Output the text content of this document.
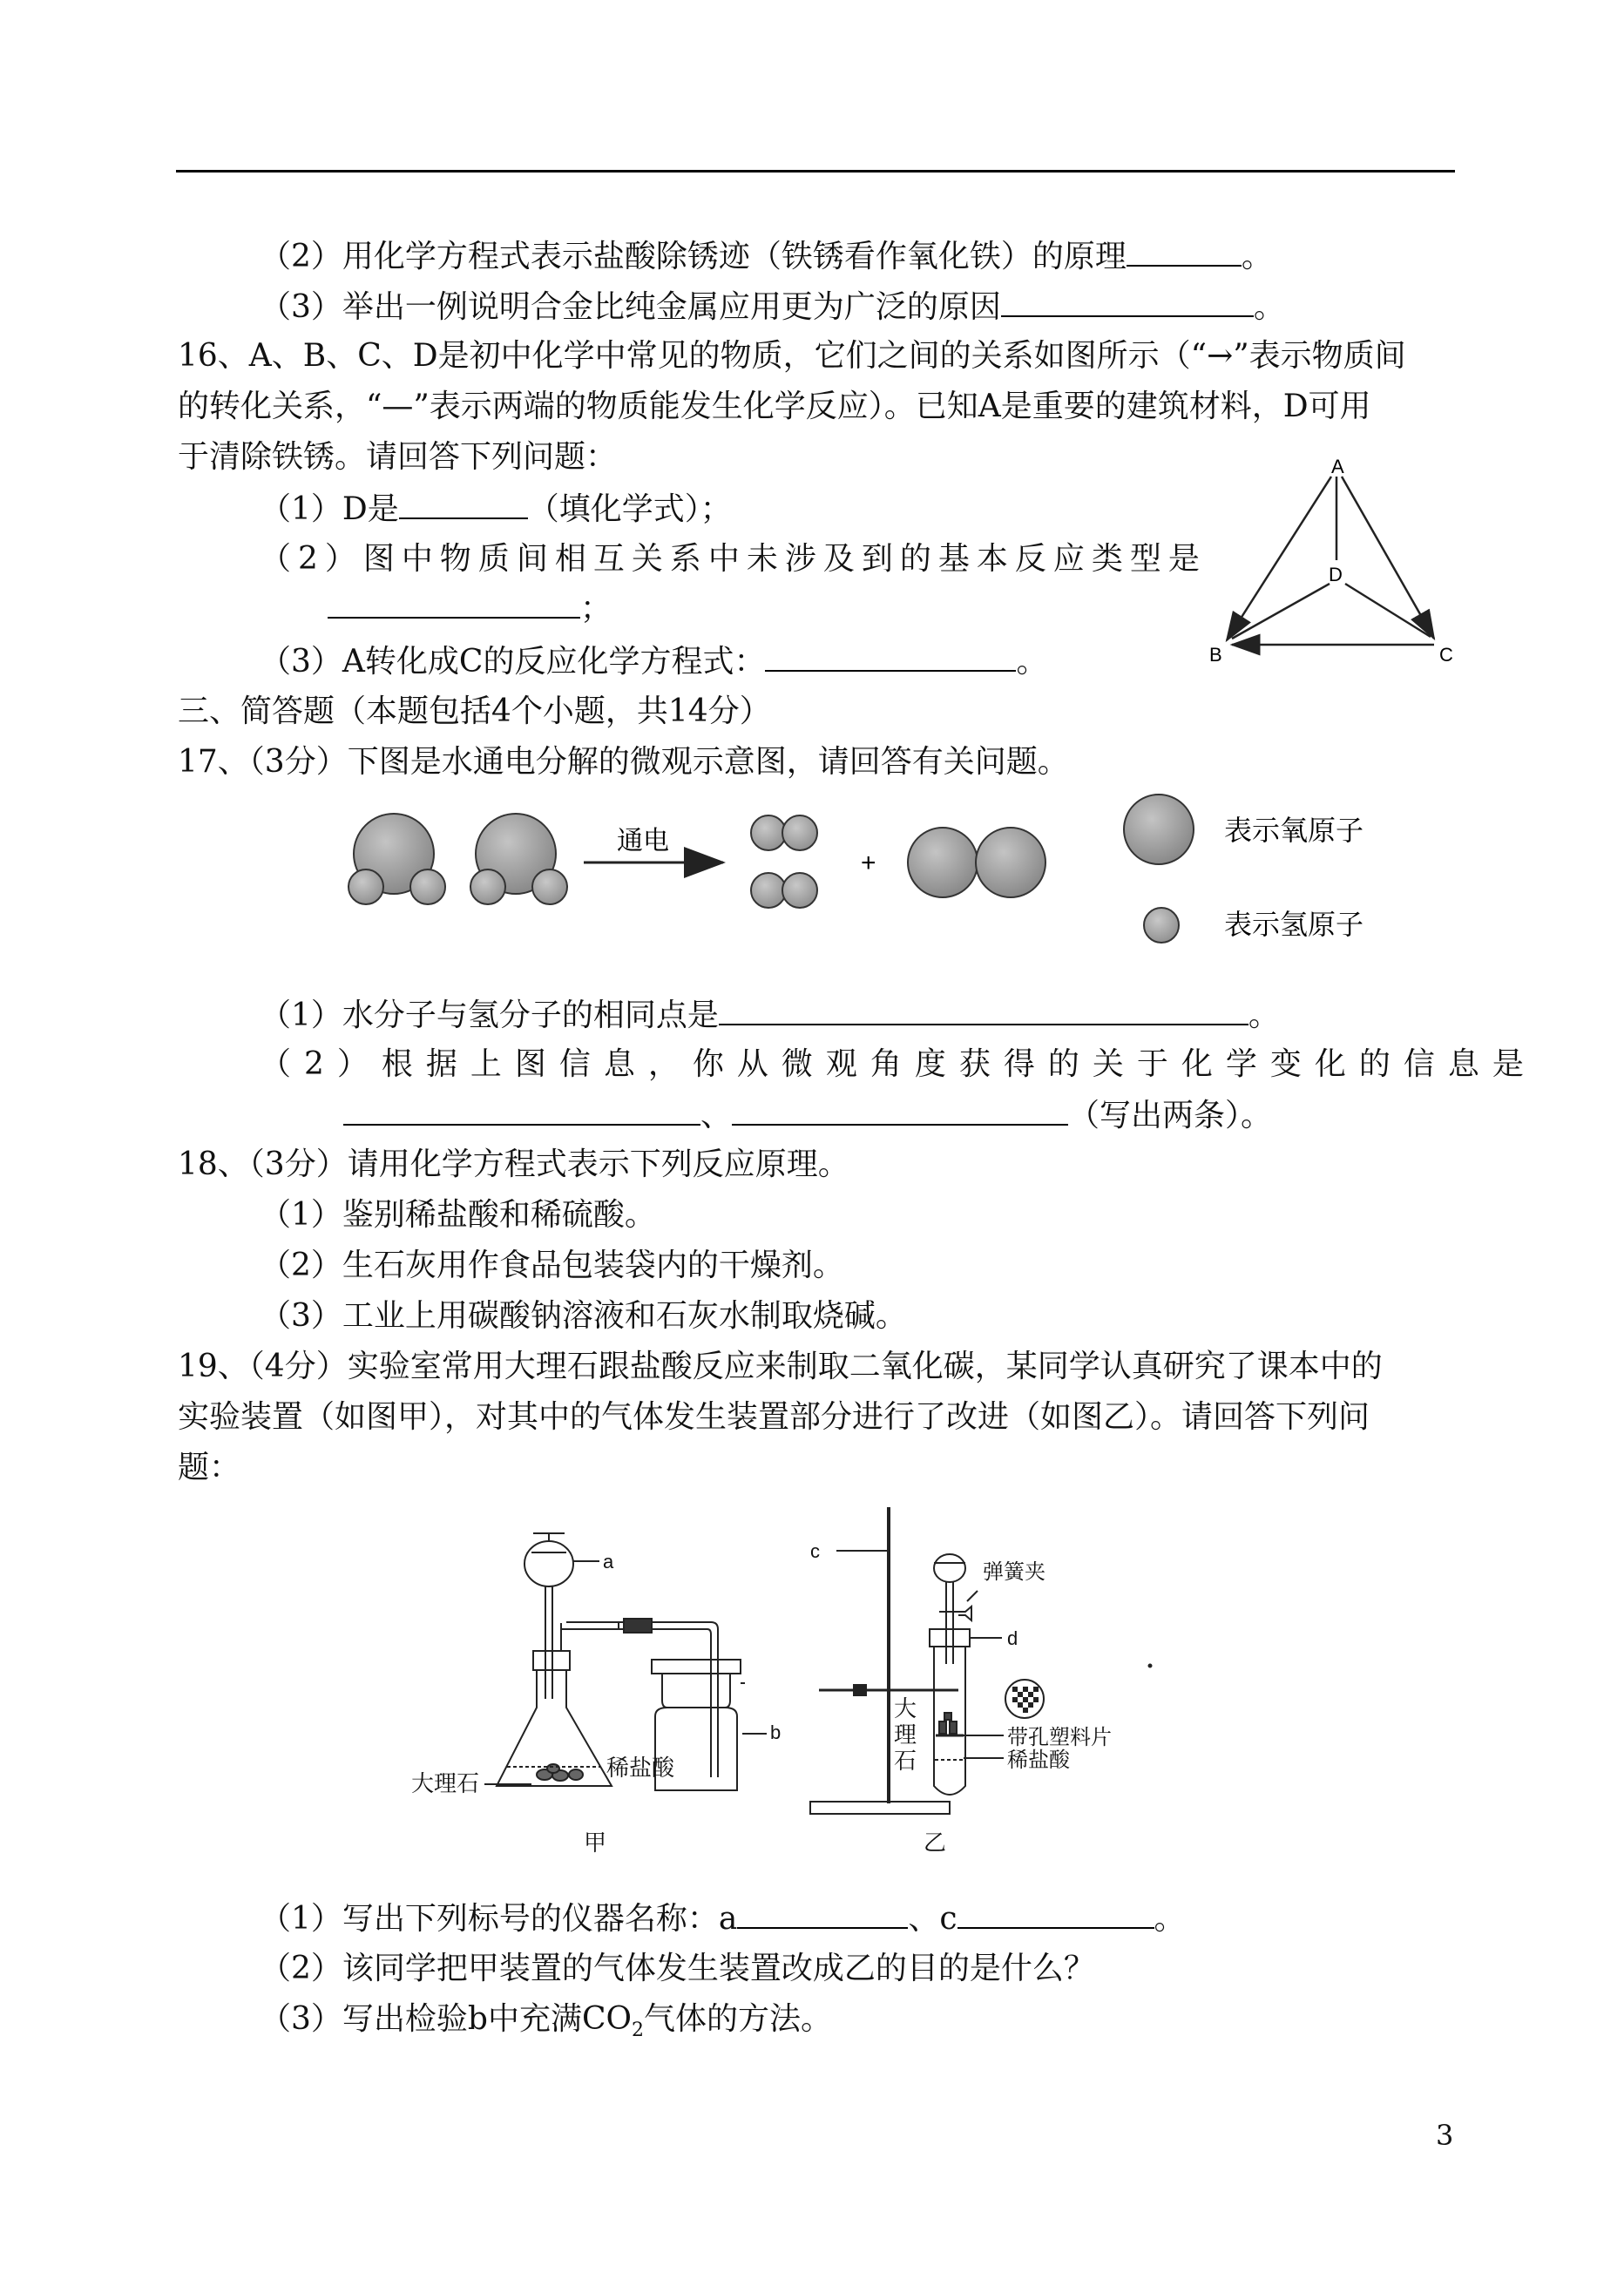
（2）用化学方程式表示盐酸除锈迹（铁锈看作氧化铁）的原理	。
（3）举出一例说明合金比纯金属应用更为广泛的原因	。
16、A、B、C、D是初中化学中常见的物质，它们之间的关系如图所示（“→”表示物质间
的转化关系，“—”表示两端的物质能发生化学反应）。已知A是重要的建筑材料，D可用
于清除铁锈。请回答下列问题：
（1）D是	（填化学式）；
（2）图中物质间相互关系中未涉及到的基本反应类型是
；
（3）A转化成C的反应化学方程式：	。
A
D
B	C
三、简答题（本题包括4个小题，共14分）
17、（3分）下图是水通电分解的微观示意图，请回答有关问题。
通电
+
表示氧原子
表示氢原子
（1）水分子与氢分子的相同点是	。
（2）根据上图信息，你从微观角度获得的关于化学变化的信息是
、	（写出两条）。
18、（3分）请用化学方程式表示下列反应原理。
（1）鉴别稀盐酸和稀硫酸。
（2）生石灰用作食品包装袋内的干燥剂。
（3）工业上用碳酸钠溶液和石灰水制取烧碱。
19、（4分）实验室常用大理石跟盐酸反应来制取二氧化碳，某同学认真研究了课本中的
实验装置（如图甲），对其中的气体发生装置部分进行了改进（如图乙）。请回答下列问
题：
a
b
大理石
稀盐酸
甲
c
弹簧夹
d
大
理
石
带孔塑料片
稀盐酸
乙
（1）写出下列标号的仪器名称：a	、c	。
（2）该同学把甲装置的气体发生装置改成乙的目的是什么？
（3）写出检验b中充满$CO_2$气体的方法。
3
